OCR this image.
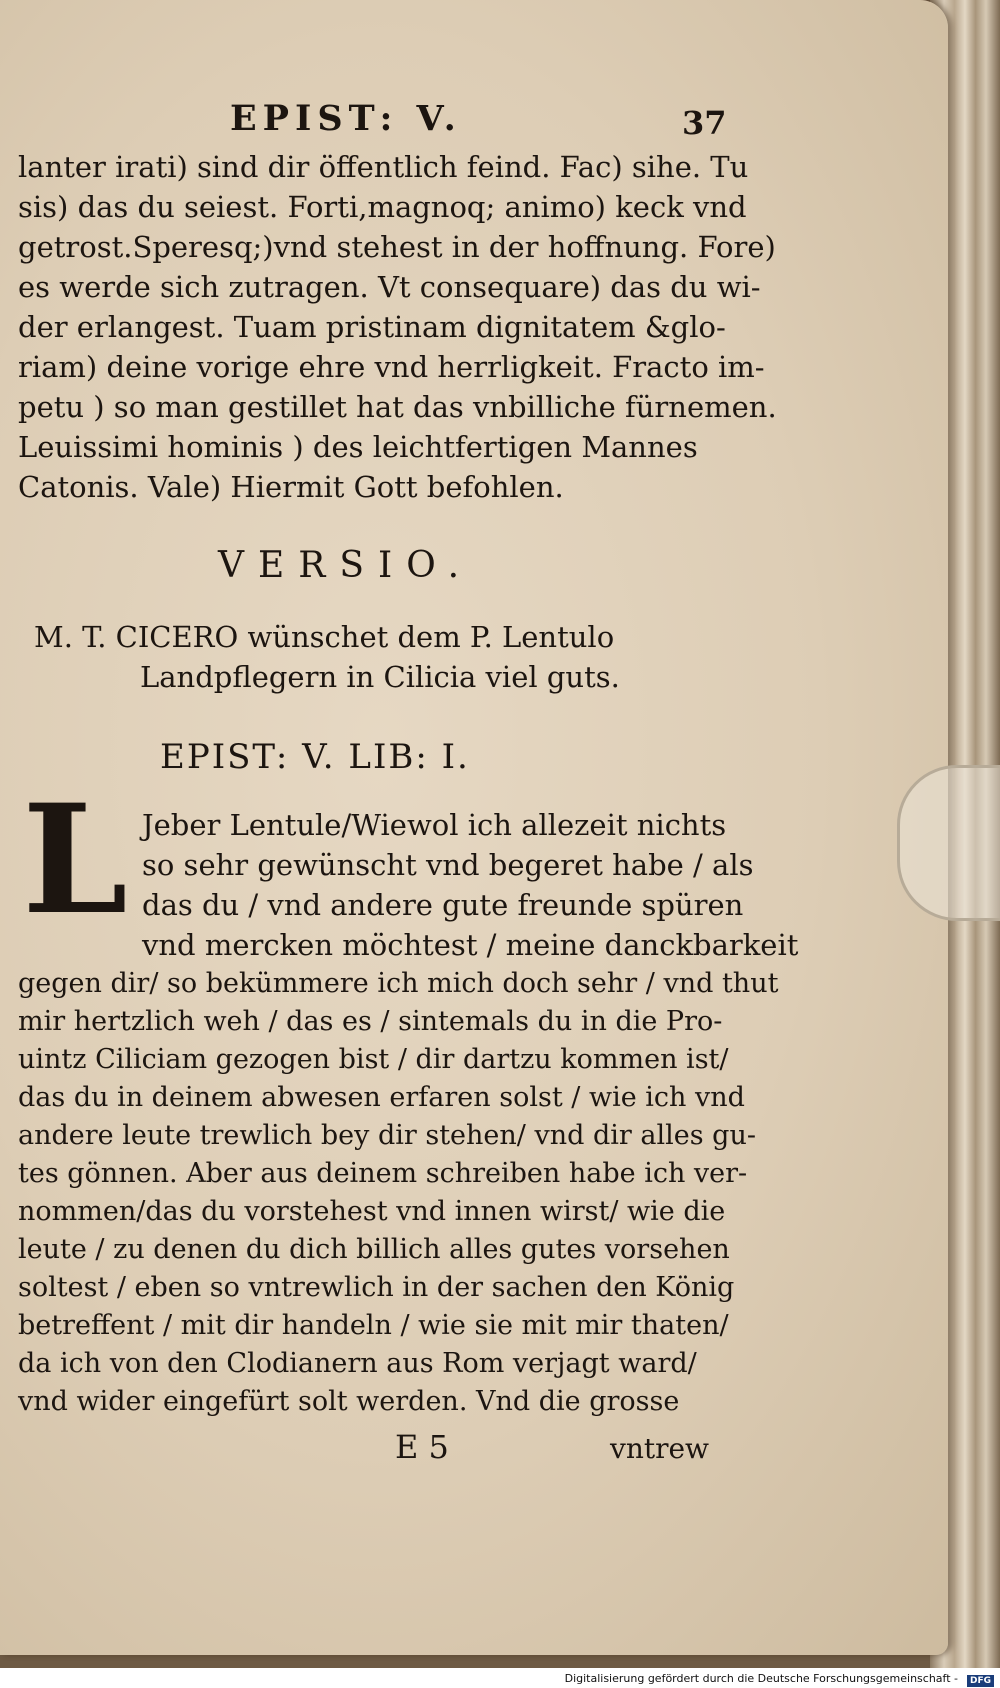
EPIST: V.	37
lanter irati) sind dir öffentlich feind. Fac) sihe. Tu
sis) das du seiest. Forti,magnoq; animo) keck vnd
getrost.Speresq;)vnd stehest in der hoffnung. Fore)
es werde sich zutragen. Vt consequare) das du wi-
der erlangest. Tuam pristinam dignitatem &glo-
riam) deine vorige ehre vnd herrligkeit. Fracto im-
petu ) so man gestillet hat das vnbilliche fürnemen.
Leuissimi hominis ) des leichtfertigen Mannes
Catonis. Vale) Hiermit Gott befohlen.
VERSIO.
M. T. CICERO wünschet dem P. Lentulo
Landpflegern in Cilicia viel guts.
EPIST: V. LIB: I.
L Jeber Lentule/Wiewol ich allezeit nichts
so sehr gewünscht vnd begeret habe / als
das du / vnd andere gute freunde spüren
vnd mercken möchtest / meine danckbarkeit
gegen dir/ so bekümmere ich mich doch sehr / vnd thut
mir hertzlich weh / das es / sintemals du in die Pro-
uintz Ciliciam gezogen bist / dir dartzu kommen ist/
das du in deinem abwesen erfaren solst / wie ich vnd
andere leute trewlich bey dir stehen/ vnd dir alles gu-
tes gönnen. Aber aus deinem schreiben habe ich ver-
nommen/das du vorstehest vnd innen wirst/ wie die
leute / zu denen du dich billich alles gutes vorsehen
soltest / eben so vntrewlich in der sachen den König
betreffent / mit dir handeln / wie sie mit mir thaten/
da ich von den Clodianern aus Rom verjagt ward/
vnd wider eingefürt solt werden. Vnd die grosse
E 5	vntrew
Digitalisierung gefördert durch die Deutsche Forschungsgemeinschaft - DFG
